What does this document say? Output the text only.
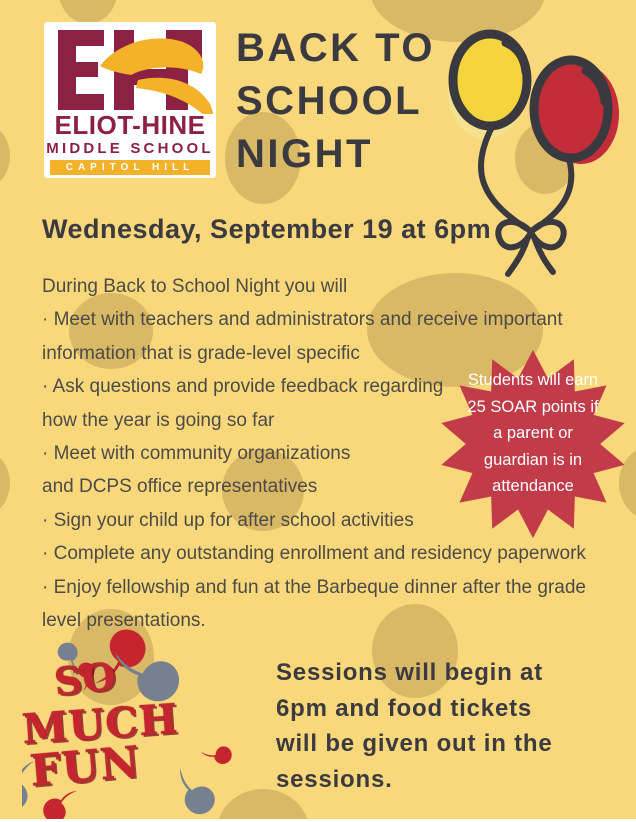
ELIOT-HINE
MIDDLE SCHOOL
CAPITOL HILL
BACK TO
SCHOOL
NIGHT
Wednesday, September 19 at 6pm
During Back to School Night you will
· Meet with teachers and administrators and receive important
information that is grade-level specific
· Ask questions and provide feedback regarding
how the year is going so far
· Meet with community organizations
and DCPS office representatives
· Sign your child up for after school activities
· Complete any outstanding enrollment and residency paperwork
· Enjoy fellowship and fun at the Barbeque dinner after the grade
level presentations.
Students will earn
25 SOAR points if
a parent or
guardian is in
attendance
SO
MUCH
FUN
Sessions will begin at
6pm and food tickets
will be given out in the
sessions.
